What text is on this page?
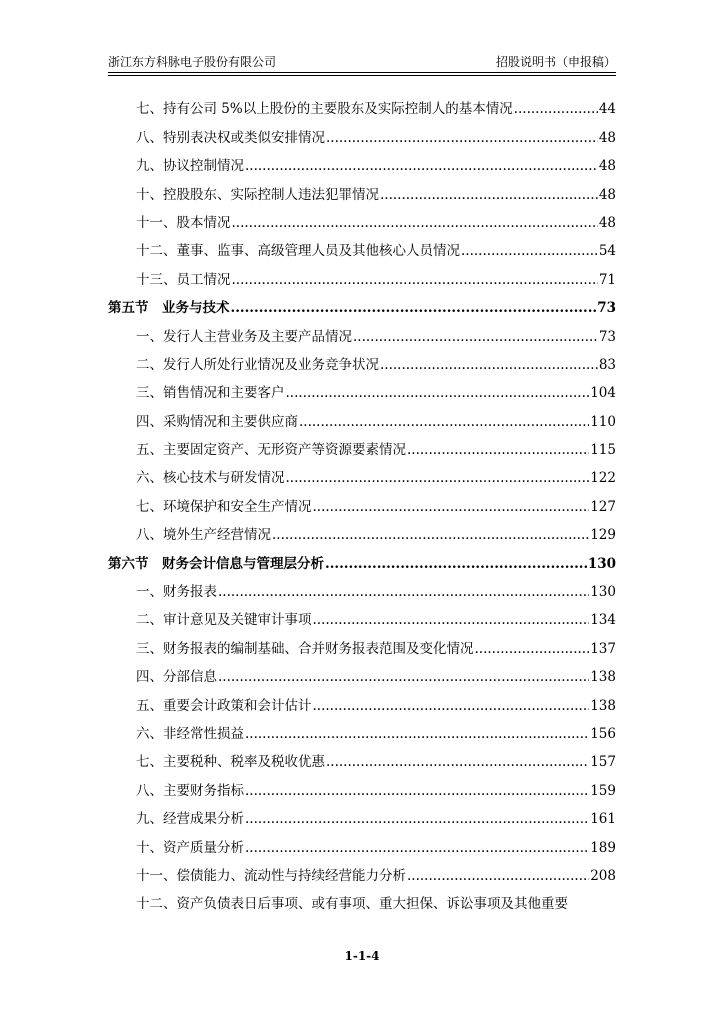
浙江东方科脉电子股份有限公司	招股说明书（申报稿）
七、持有公司 5%以上股份的主要股东及实际控制人的基本情况 .....	44
八、特别表决权或类似安排情况 .....	48
九、协议控制情况 .....	48
十、控股股东、实际控制人违法犯罪情况 .....	48
十一、股本情况 .....	48
十二、董事、监事、高级管理人员及其他核心人员情况 .....	54
十三、员工情况 .....	71
第五节　业务与技术 .....	73
一、发行人主营业务及主要产品情况 .....	73
二、发行人所处行业情况及业务竞争状况 .....	83
三、销售情况和主要客户 .....	104
四、采购情况和主要供应商 .....	110
五、主要固定资产、无形资产等资源要素情况 .....	115
六、核心技术与研发情况 .....	122
七、环境保护和安全生产情况 .....	127
八、境外生产经营情况 .....	129
第六节　财务会计信息与管理层分析 .....	130
一、财务报表 .....	130
二、审计意见及关键审计事项 .....	134
三、财务报表的编制基础、合并财务报表范围及变化情况 .....	137
四、分部信息 .....	138
五、重要会计政策和会计估计 .....	138
六、非经常性损益 .....	156
七、主要税种、税率及税收优惠 .....	157
八、主要财务指标 .....	159
九、经营成果分析 .....	161
十、资产质量分析 .....	189
十一、偿债能力、流动性与持续经营能力分析 .....	208
十二、资产负债表日后事项、或有事项、重大担保、诉讼事项及其他重要
1-1-4
